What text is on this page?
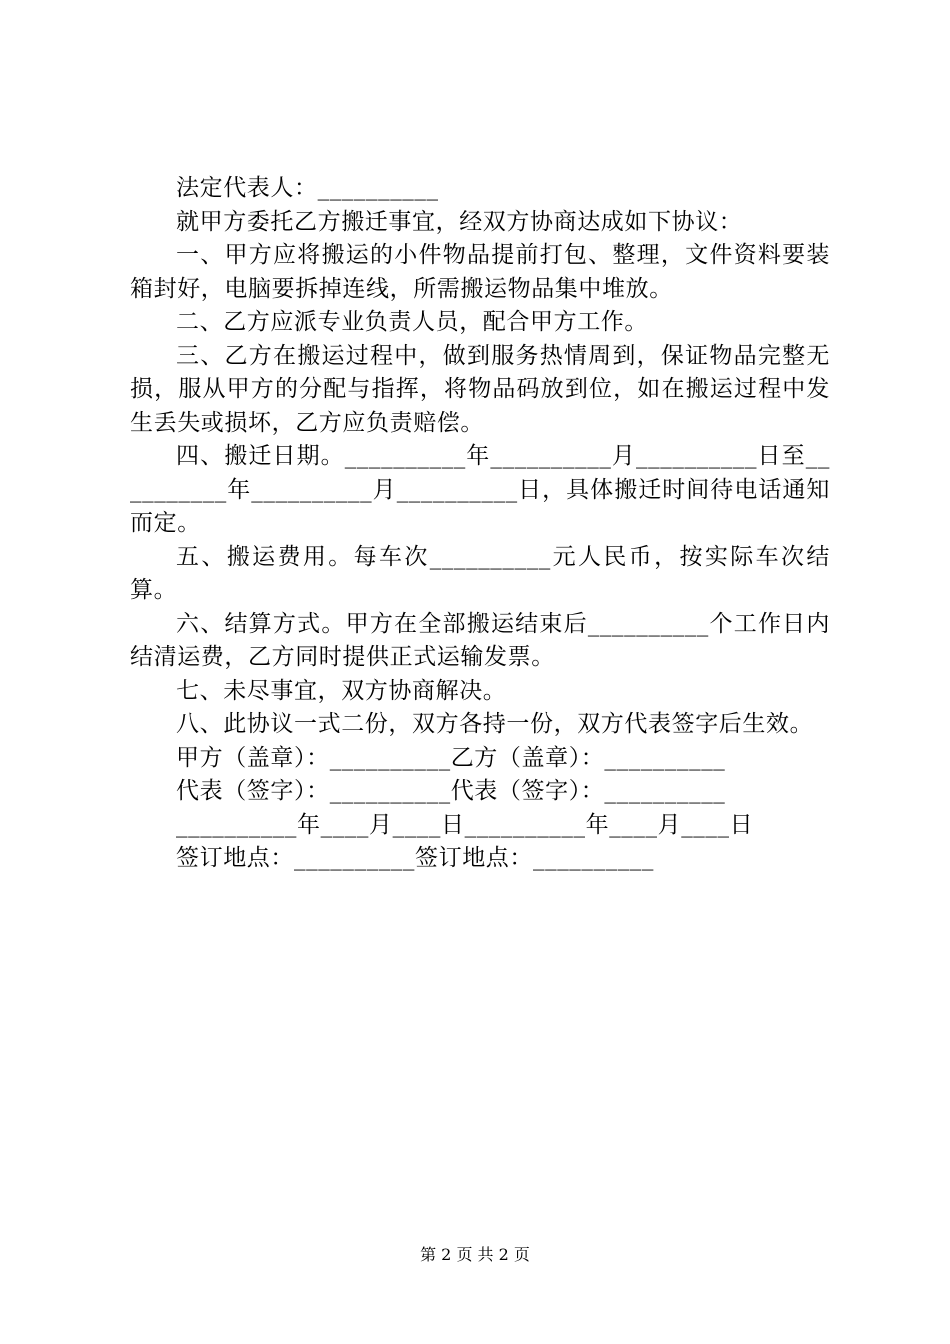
法定代表人：__________

就甲方委托乙方搬迁事宜，经双方协商达成如下协议：

一、甲方应将搬运的小件物品提前打包、整理，文件资料要装箱封好，电脑要拆掉连线，所需搬运物品集中堆放。

二、乙方应派专业负责人员，配合甲方工作。

三、乙方在搬运过程中，做到服务热情周到，保证物品完整无损，服从甲方的分配与指挥，将物品码放到位，如在搬运过程中发生丢失或损坏，乙方应负责赔偿。

四、搬迁日期。__________年__________月__________日至__________年__________月__________日，具体搬迁时间待电话通知而定。

五、搬运费用。每车次__________元人民币，按实际车次结算。

六、结算方式。甲方在全部搬运结束后__________个工作日内结清运费，乙方同时提供正式运输发票。

七、未尽事宜，双方协商解决。

八、此协议一式二份，双方各持一份，双方代表签字后生效。

甲方（盖章）：__________乙方（盖章）：__________

代表（签字）：__________代表（签字）：__________

__________年____月____日__________年____月____日

签订地点：__________签订地点：__________

第 2 页 共 2 页
